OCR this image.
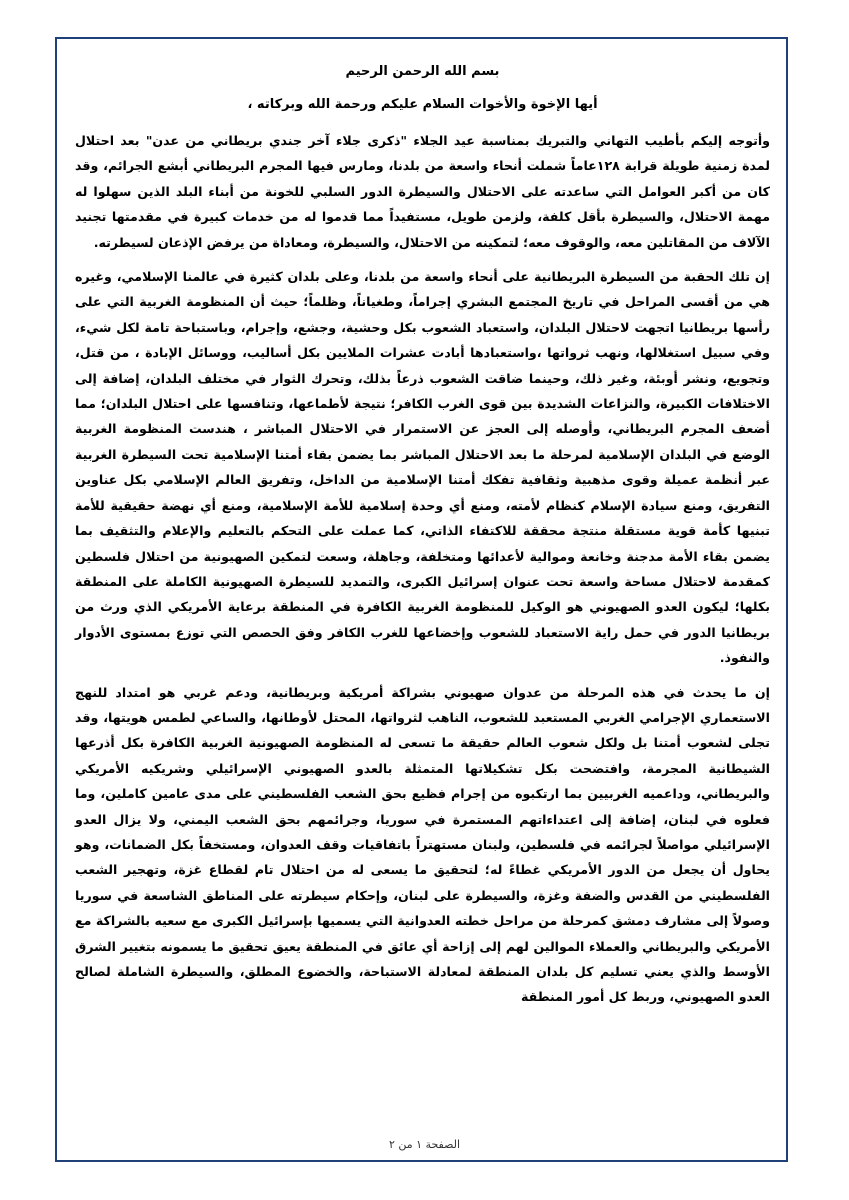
بسم الله الرحمن الرحيم
أيها الإخوة والأخوات السلام عليكم ورحمة الله وبركاته ،

وأتوجه إليكم بأطيب التهاني والتبريك بمناسبة عيد الجلاء "ذكرى جلاء آخر جندي بريطاني من عدن" بعد احتلال لمدة زمنية طويلة قرابة ١٢٨عاماً شملت أنحاء واسعة من بلدنا، ومارس فيها المجرم البريطاني أبشع الجرائم، وقد كان من أكبر العوامل التي ساعدته على الاحتلال والسيطرة الدور السلبي للخونة من أبناء البلد الذين سهلوا له مهمة الاحتلال، والسيطرة بأقل كلفة، ولزمن طويل، مستفيداً مما قدموا له من خدمات كبيرة في مقدمتها تجنيد الآلاف من المقاتلين معه، والوقوف معه؛ لتمكينه من الاحتلال، والسيطرة، ومعاداة من يرفض الإذعان لسيطرته.

إن تلك الحقبة من السيطرة البريطانية على أنحاء واسعة من بلدنا، وعلى بلدان كثيرة في عالمنا الإسلامي، وغيره هي من أقسى المراحل في تاريخ المجتمع البشري إجراماً، وطغياناً، وظلماً؛ حيث أن المنظومة الغربية التي على رأسها بريطانيا اتجهت لاحتلال البلدان، واستعباد الشعوب بكل وحشية، وجشع، وإجرام، وباستباحة تامة لكل شيء، وفي سبيل استغلالها، ونهب ثرواتها ،واستعبادها أبادت عشرات الملايين بكل أساليب، ووسائل الإبادة ، من قتل، وتجويع، ونشر أوبئة، وغير ذلك، وحينما ضاقت الشعوب ذرعاً بذلك، وتحرك الثوار في مختلف البلدان، إضافة إلى الاختلافات الكبيرة، والنزاعات الشديدة بين قوى الغرب الكافر؛ نتيجة لأطماعها، وتنافسها على احتلال البلدان؛ مما أضعف المجرم البريطاني، وأوصله إلى العجز عن الاستمرار في الاحتلال المباشر ، هندست المنظومة الغربية الوضع في البلدان الإسلامية لمرحلة ما بعد الاحتلال المباشر بما يضمن بقاء أمتنا الإسلامية تحت السيطرة الغربية عبر أنظمة عميلة وقوى مذهبية وثقافية تفكك أمتنا الإسلامية من الداخل، وتفريق العالم الإسلامي بكل عناوين التفريق، ومنع سيادة الإسلام كنظام لأمته، ومنع أي وحدة إسلامية للأمة الإسلامية، ومنع أي نهضة حقيقية للأمة تبنيها كأمة قوية مستقلة منتجة محققة للاكتفاء الذاتي، كما عملت على التحكم بالتعليم والإعلام والتثقيف بما يضمن بقاء الأمة مدجنة وخانعة وموالية لأعدائها ومتخلفة، وجاهلة، وسعت لتمكين الصهيونية من احتلال فلسطين كمقدمة لاحتلال مساحة واسعة تحت عنوان إسرائيل الكبرى، والتمديد للسيطرة الصهيونية الكاملة على المنطقة بكلها؛ ليكون العدو الصهيوني هو الوكيل للمنظومة الغربية الكافرة في المنطقة برعاية الأمريكي الذي ورث من بريطانيا الدور في حمل راية الاستعباد للشعوب وإخضاعها للغرب الكافر وفق الحصص التي توزع بمستوى الأدوار والنفوذ.

إن ما يحدث في هذه المرحلة من عدوان صهيوني بشراكة أمريكية وبريطانية، ودعم غربي هو امتداد للنهج الاستعماري الإجرامي الغربي المستعبد للشعوب، الناهب لثرواتها، المحتل لأوطانها، والساعي لطمس هويتها، وقد تجلى لشعوب أمتنا بل ولكل شعوب العالم حقيقة ما تسعى له المنظومة الصهيونية الغربية الكافرة بكل أذرعها الشيطانية المجرمة، وافتضحت بكل تشكيلاتها المتمثلة بالعدو الصهيوني الإسرائيلي وشريكيه الأمريكي والبريطاني، وداعميه الغربيين بما ارتكبوه من إجرام فظيع بحق الشعب الفلسطيني على مدى عامين كاملين، وما فعلوه في لبنان، إضافة إلى اعتداءاتهم المستمرة في سوريا، وجرائمهم بحق الشعب اليمني، ولا يزال العدو الإسرائيلي مواصلاً لجرائمه في فلسطين، ولبنان مستهتراً باتفاقيات وقف العدوان، ومستخفاً بكل الضمانات، وهو يحاول أن يجعل من الدور الأمريكي غطاءً له؛ لتحقيق ما يسعى له من احتلال تام لقطاع غزة، وتهجير الشعب الفلسطيني من القدس والضفة وغزة، والسيطرة على لبنان، وإحكام سيطرته على المناطق الشاسعة في سوريا وصولاً إلى مشارف دمشق كمرحلة من مراحل خطته العدوانية التي يسميها بإسرائيل الكبرى مع سعيه بالشراكة مع الأمريكي والبريطاني والعملاء الموالين لهم إلى إزاحة أي عائق في المنطقة يعيق تحقيق ما يسمونه بتغيير الشرق الأوسط والذي يعني تسليم كل بلدان المنطقة لمعادلة الاستباحة، والخضوع المطلق، والسيطرة الشاملة لصالح العدو الصهيوني، وربط كل أمور المنطقة

الصفحة ١ من ٢
